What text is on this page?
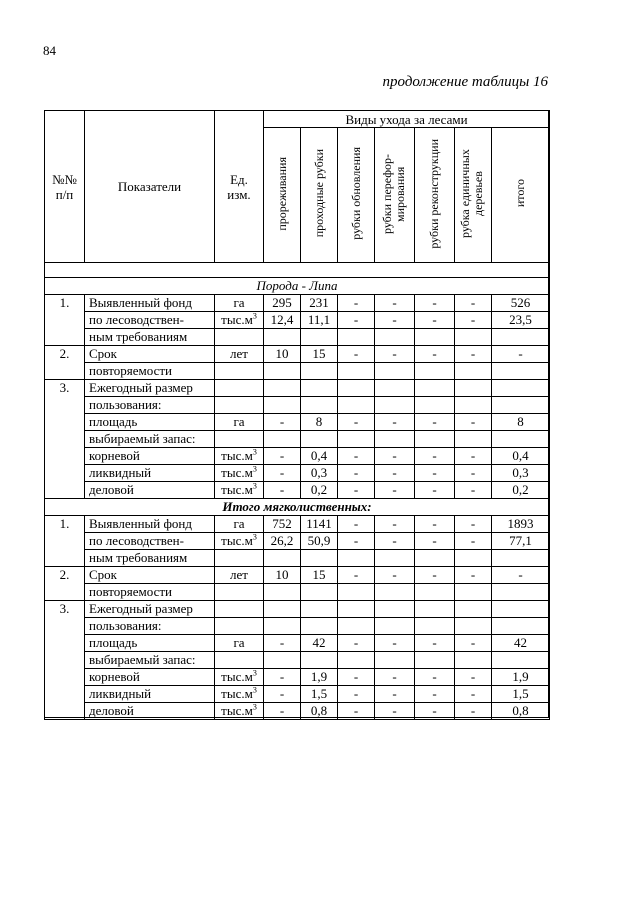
84
продолжение таблицы 16
№№ п/п	Показатели	Ед. изм.	Виды ухода за лесами						
			прореживания	проходные рубки	рубки обновления	рубки перефор-мирования	рубки реконструкции	рубка единичных деревьев	итого

Порода - Липа									
1.	Выявленный фонд	га	295	231	-	-	-	-	526
	по лесоводствен-	$тыс.м^3$	12,4	11,1	-	-	-	-	23,5
	ным требованиям								
2.	Срок	лет	10	15	-	-	-	-	-
	повторяемости								
3.	Ежегодный размер								
	пользования:								
	площадь	га	-	8	-	-	-	-	8
	выбираемый запас:								
	корневой	$тыс.м^3$	-	0,4	-	-	-	-	0,4
	ликвидный	$тыс.м^3$	-	0,3	-	-	-	-	0,3
	деловой	$тыс.м^3$	-	0,2	-	-	-	-	0,2
Итого мягколиственных:									
1.	Выявленный фонд	га	752	1141	-	-	-	-	1893
	по лесоводствен-	$тыс.м^3$	26,2	50,9	-	-	-	-	77,1
	ным требованиям								
2.	Срок	лет	10	15	-	-	-	-	-
	повторяемости								
3.	Ежегодный размер								
	пользования:								
	площадь	га	-	42	-	-	-	-	42
	выбираемый запас:								
	корневой	$тыс.м^3$	-	1,9	-	-	-	-	1,9
	ликвидный	$тыс.м^3$	-	1,5	-	-	-	-	1,5
	деловой	$тыс.м^3$	-	0,8	-	-	-	-	0,8
